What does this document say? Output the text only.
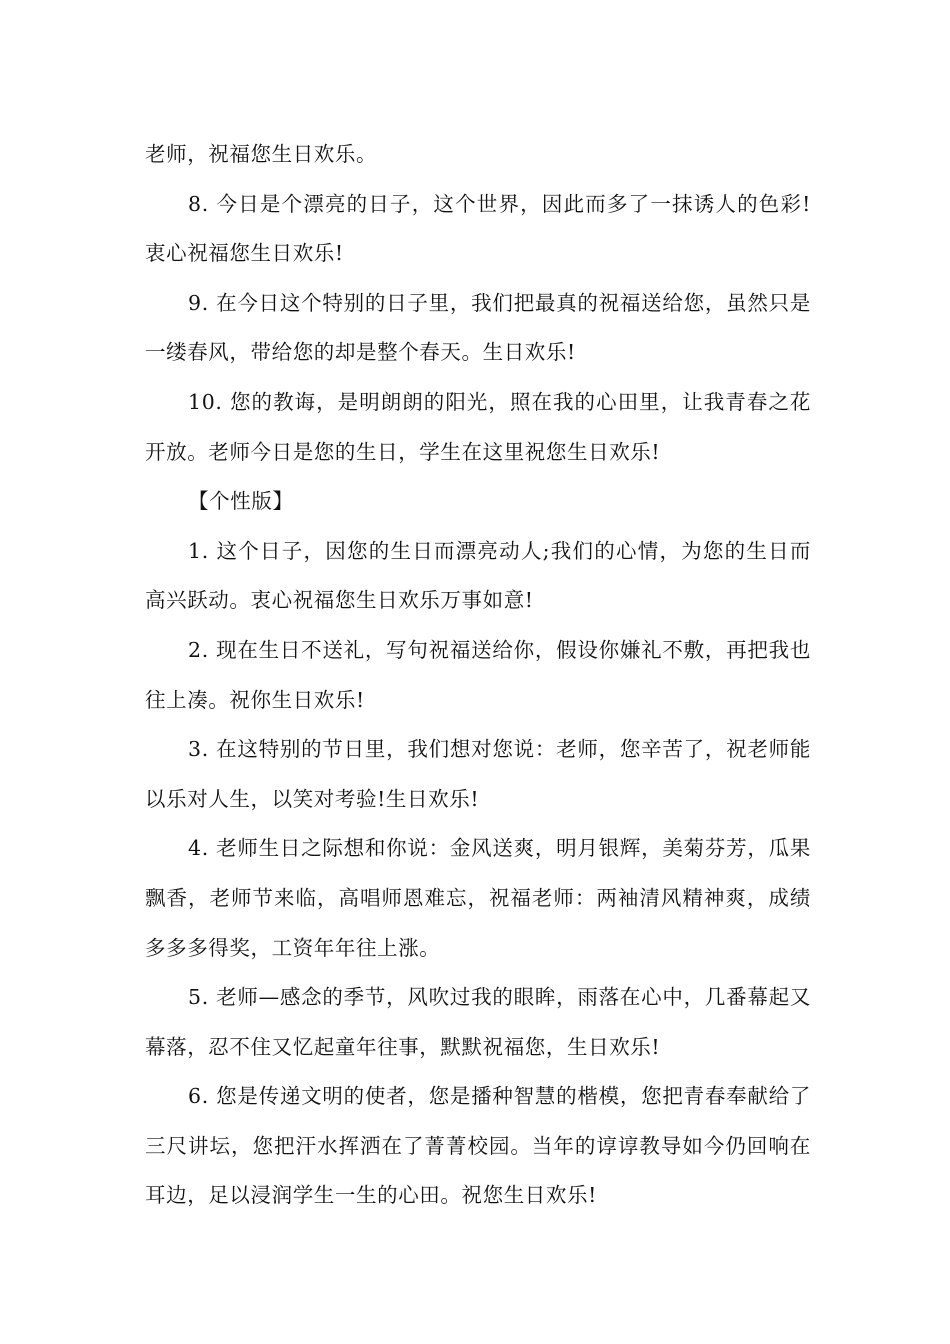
老师，祝福您生日欢乐。

8. 今日是个漂亮的日子，这个世界，因此而多了一抹诱人的色彩!衷心祝福您生日欢乐!

9. 在今日这个特别的日子里，我们把最真的祝福送给您，虽然只是一缕春风，带给您的却是整个春天。生日欢乐!

10. 您的教诲，是明朗朗的阳光，照在我的心田里，让我青春之花开放。老师今日是您的生日，学生在这里祝您生日欢乐!

【个性版】

1. 这个日子，因您的生日而漂亮动人;我们的心情，为您的生日而高兴跃动。衷心祝福您生日欢乐万事如意!

2. 现在生日不送礼，写句祝福送给你，假设你嫌礼不敷，再把我也往上凑。祝你生日欢乐!

3. 在这特别的节日里，我们想对您说：老师，您辛苦了，祝老师能以乐对人生，以笑对考验!生日欢乐!

4. 老师生日之际想和你说：金风送爽，明月银辉，美菊芬芳，瓜果飘香，老师节来临，高唱师恩难忘，祝福老师：两袖清风精神爽，成绩多多多得奖，工资年年往上涨。

5. 老师—感念的季节，风吹过我的眼眸，雨落在心中，几番幕起又幕落，忍不住又忆起童年往事，默默祝福您，生日欢乐!

6. 您是传递文明的使者，您是播种智慧的楷模，您把青春奉献给了三尺讲坛，您把汗水挥洒在了菁菁校园。当年的谆谆教导如今仍回响在耳边，足以浸润学生一生的心田。祝您生日欢乐!
